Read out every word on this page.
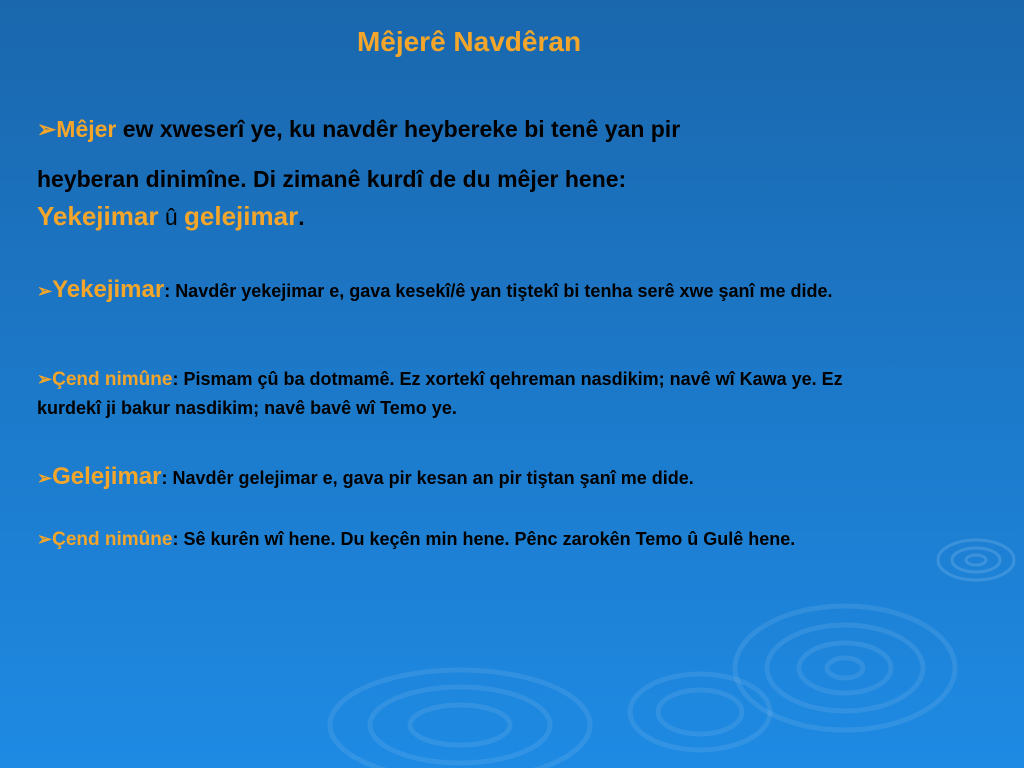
Mêjerê Navdêran
➢Mêjer ew xweserî ye, ku navdêr heybereke bi tenê yan pir
heyberan dinimîne. Di zimanê kurdî de du mêjer hene:
Yekejimar û gelejimar.
➢Yekejimar: Navdêr yekejimar e, gava kesekî/ê yan tiştekî bi tenha serê xwe şanî me dide.
➢Çend nimûne: Pismam çû ba dotmamê. Ez xortekî qehreman nasdikim; navê wî Kawa ye. Ez kurdekî ji bakur nasdikim; navê bavê wî Temo ye.
➢Gelejimar: Navdêr gelejimar e, gava pir kesan an pir tiştan şanî me dide.
➢Çend nimûne: Sê kurên wî hene. Du keçên min hene. Pênc zarokên Temo û Gulê hene.
